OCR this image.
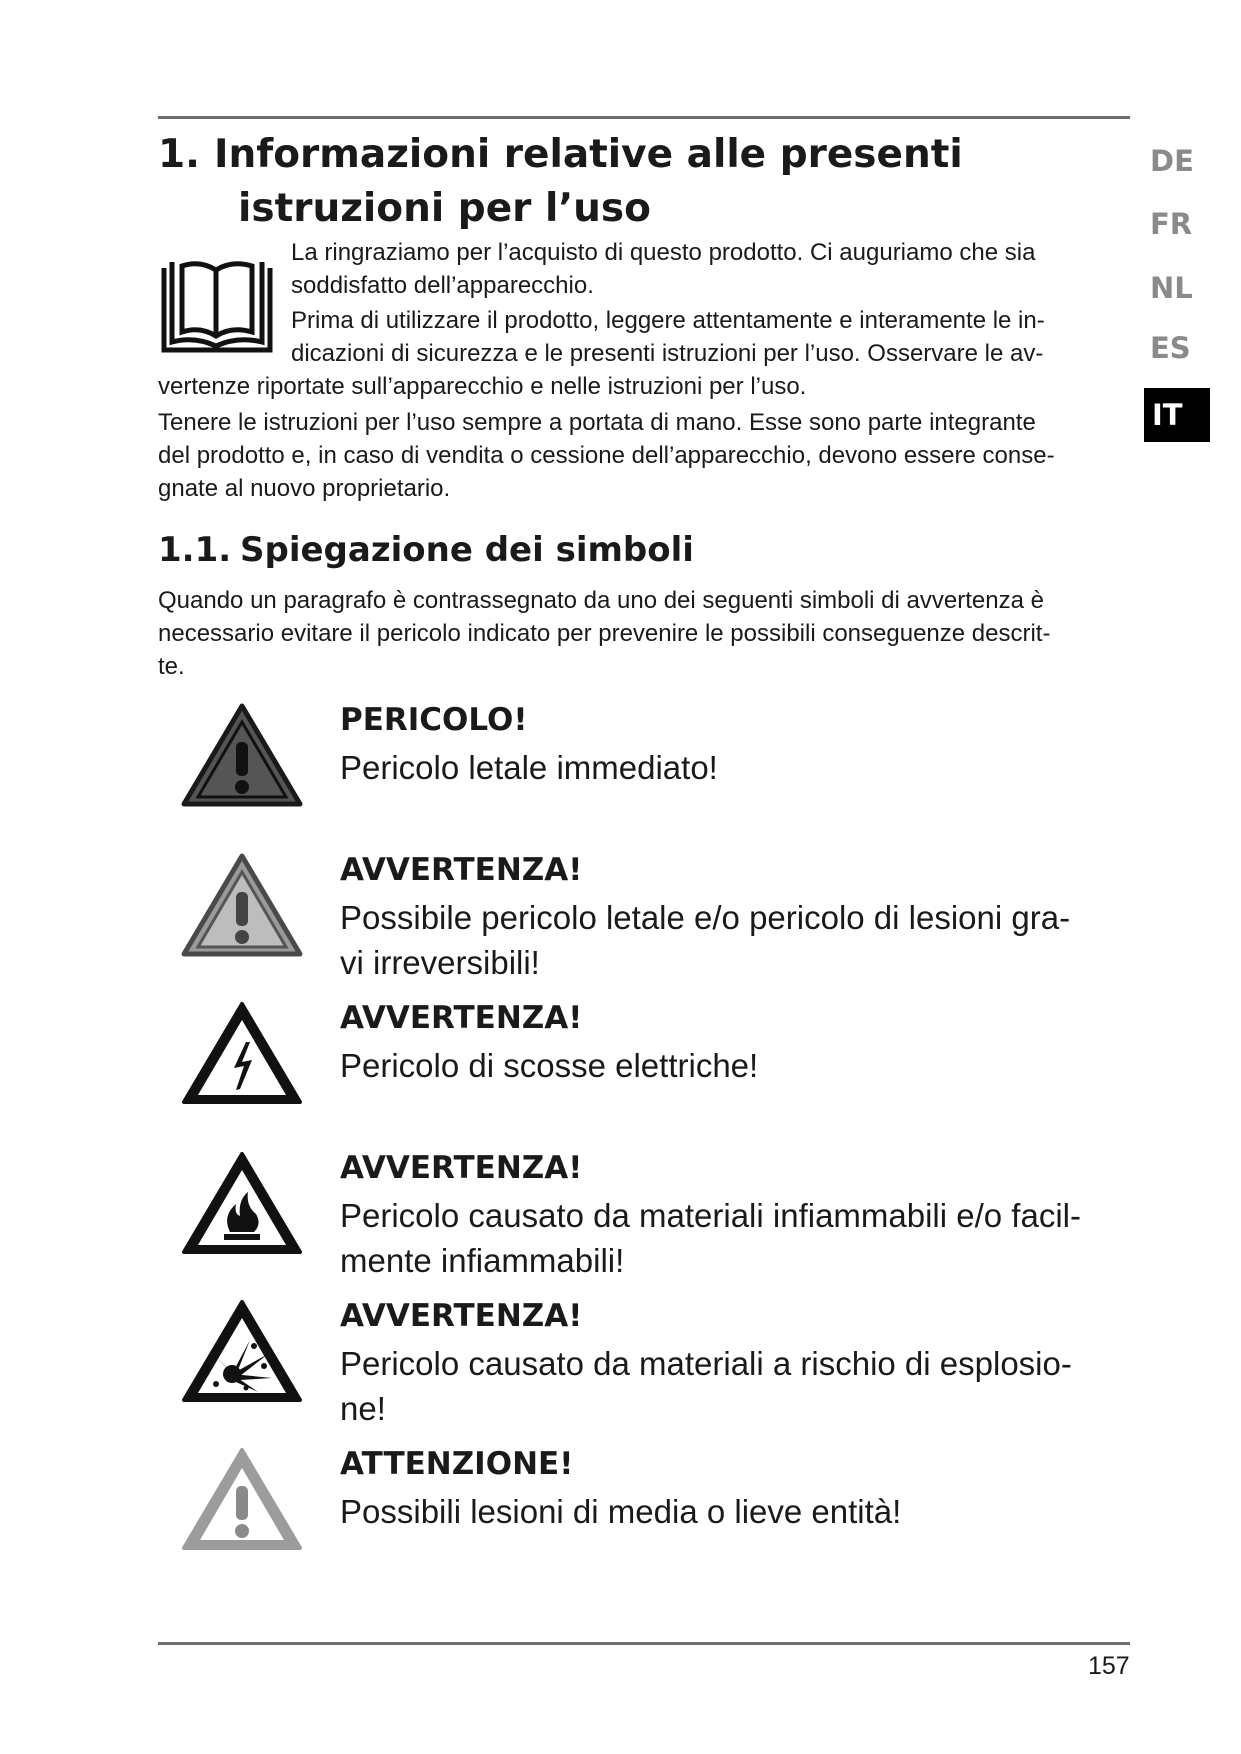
1. Informazioni relative alle presenti
istruzioni per l’uso
La ringraziamo per l’acquisto di questo prodotto. Ci auguriamo che sia
soddisfatto dell’apparecchio.
Prima di utilizzare il prodotto, leggere attentamente e interamente le in-
dicazioni di sicurezza e le presenti istruzioni per l’uso. Osservare le av-
vertenze riportate sull’apparecchio e nelle istruzioni per l’uso.
Tenere le istruzioni per l’uso sempre a portata di mano. Esse sono parte integrante
del prodotto e, in caso di vendita o cessione dell’apparecchio, devono essere conse-
gnate al nuovo proprietario.
DE
FR
NL
ES
IT
1.1. Spiegazione dei simboli
Quando un paragrafo è contrassegnato da uno dei seguenti simboli di avvertenza è
necessario evitare il pericolo indicato per prevenire le possibili conseguenze descrit-
te.
PERICOLO!
Pericolo letale immediato!
AVVERTENZA!
Possibile pericolo letale e/o pericolo di lesioni gra-
vi irreversibili!
AVVERTENZA!
Pericolo di scosse elettriche!
AVVERTENZA!
Pericolo causato da materiali infiammabili e/o facil-
mente infiammabili!
AVVERTENZA!
Pericolo causato da materiali a rischio di esplosio-
ne!
ATTENZIONE!
Possibili lesioni di media o lieve entità!
157
